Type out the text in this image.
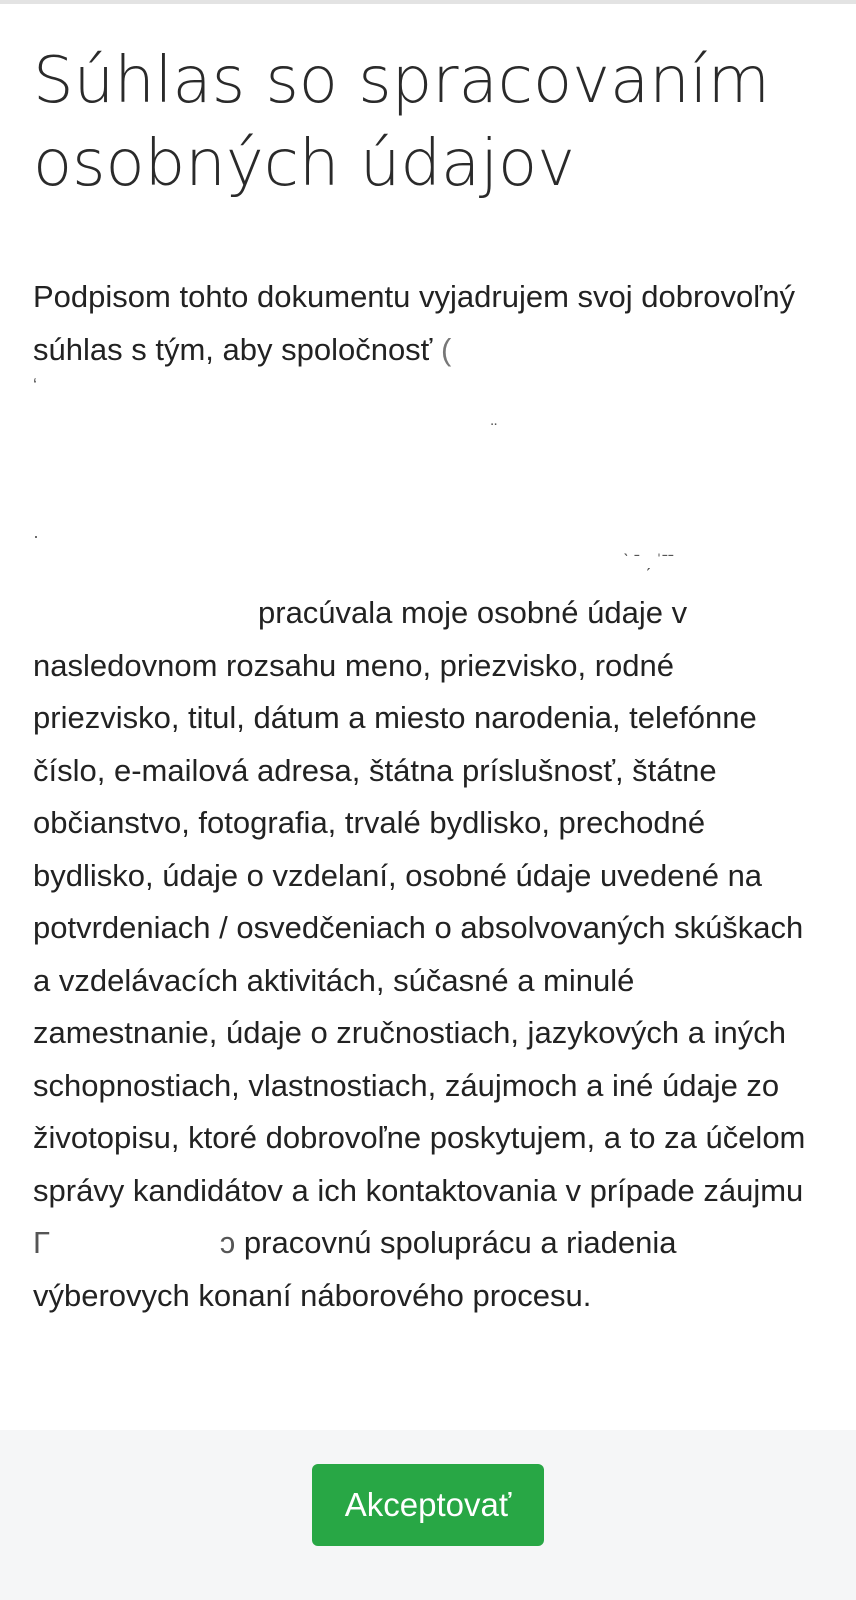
Súhlas so spracovaním
osobných údajov

Podpisom tohto dokumentu vyjadrujem svoj dobrovoľný súhlas s tým, aby spoločnosť (

ʻ
¨
·
ˋ ˉ ˏ ˈˉˉ

pracúvala moje osobné údaje v nasledovnom rozsahu meno, priezvisko, rodné priezvisko, titul, dátum a miesto narodenia, telefónne číslo, e-mailová adresa, štátna príslušnosť, štátne občianstvo, fotografia, trvalé bydlisko, prechodné bydlisko, údaje o vzdelaní, osobné údaje uvedené na potvrdeniach / osvedčeniach o absolvovaných skúškach a vzdelávacích aktivitách, súčasné a minulé zamestnanie, údaje o zručnostiach, jazykových a iných schopnostiach, vlastnostiach, záujmoch a iné údaje zo životopisu, ktoré dobrovoľne poskytujem, a to za účelom správy kandidátov a ich kontaktovania v prípade záujmu Г	ɔ pracovnú spoluprácu a riadenia výberovych konaní náborového procesu.

Akceptovať
